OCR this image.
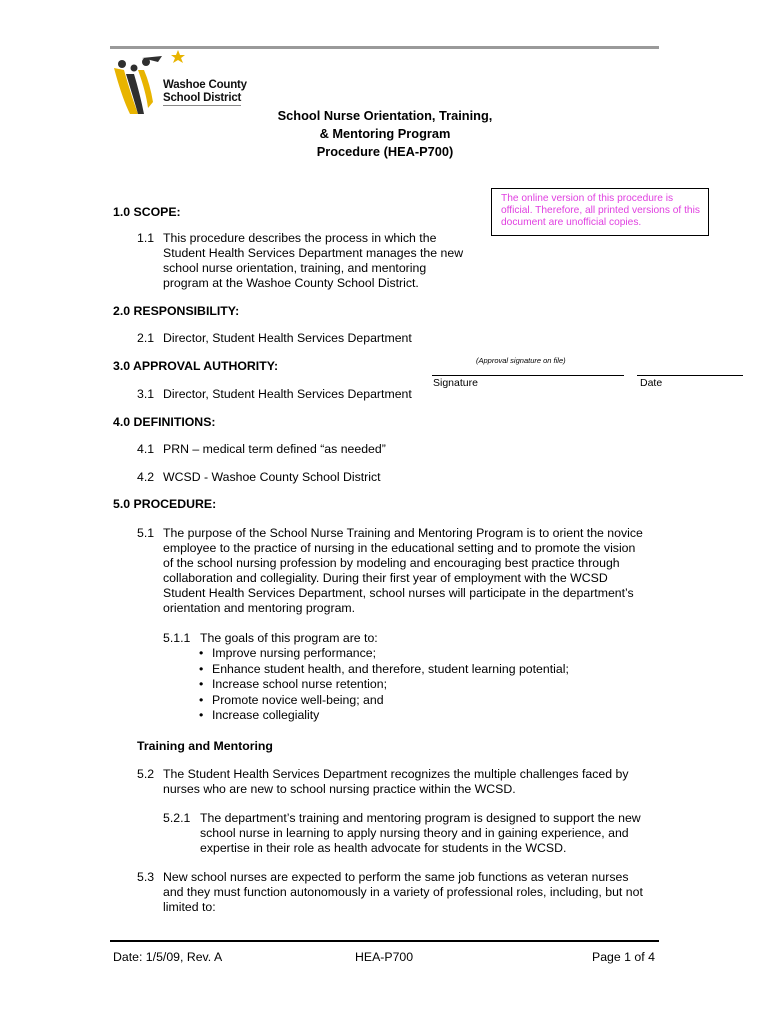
Washoe County
School District
School Nurse Orientation, Training,
& Mentoring Program
Procedure (HEA-P700)
The online version of this procedure is official. Therefore, all printed versions of this document are unofficial copies.
1.0 SCOPE:
1.1 This procedure describes the process in which the
Student Health Services Department manages the new
school nurse orientation, training, and mentoring
program at the Washoe County School District.
2.0 RESPONSIBILITY:
2.1 Director, Student Health Services Department
3.0 APPROVAL AUTHORITY:	(Approval signature on file)
Signature	Date
3.1 Director, Student Health Services Department
4.0 DEFINITIONS:
4.1 PRN – medical term defined “as needed”
4.2 WCSD - Washoe County School District
5.0 PROCEDURE:
5.1 The purpose of the School Nurse Training and Mentoring Program is to orient the novice
employee to the practice of nursing in the educational setting and to promote the vision
of the school nursing profession by modeling and encouraging best practice through
collaboration and collegiality. During their first year of employment with the WCSD
Student Health Services Department, school nurses will participate in the department’s
orientation and mentoring program.
5.1.1 The goals of this program are to:
• Improve nursing performance;
• Enhance student health, and therefore, student learning potential;
• Increase school nurse retention;
• Promote novice well-being; and
• Increase collegiality
Training and Mentoring
5.2 The Student Health Services Department recognizes the multiple challenges faced by
nurses who are new to school nursing practice within the WCSD.
5.2.1 The department’s training and mentoring program is designed to support the new
school nurse in learning to apply nursing theory and in gaining experience, and
expertise in their role as health advocate for students in the WCSD.
5.3 New school nurses are expected to perform the same job functions as veteran nurses
and they must function autonomously in a variety of professional roles, including, but not
limited to:
Date: 1/5/09, Rev. A	HEA-P700	Page 1 of 4
